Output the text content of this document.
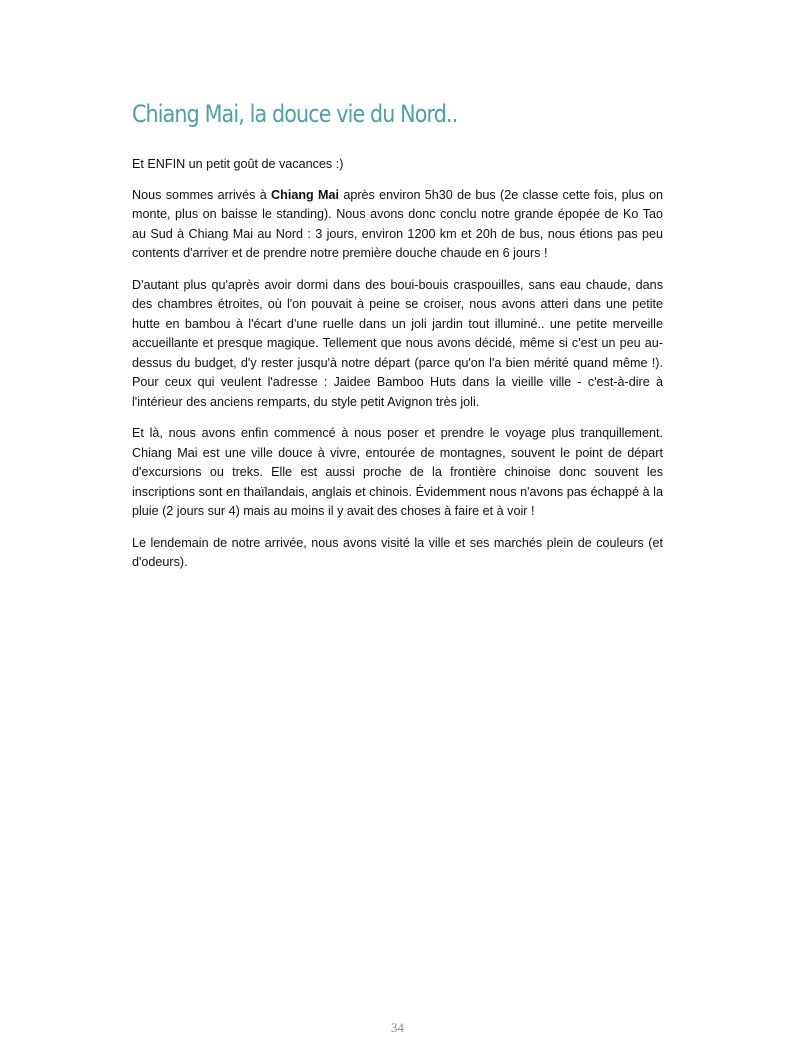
Chiang Mai, la douce vie du Nord..

Et ENFIN un petit goût de vacances :)

Nous sommes arrivés à Chiang Mai après environ 5h30 de bus (2e classe cette fois, plus on monte, plus on baisse le standing). Nous avons donc conclu notre grande épopée de Ko Tao au Sud à Chiang Mai au Nord : 3 jours, environ 1200 km et 20h de bus, nous étions pas peu contents d'arriver et de prendre notre première douche chaude en 6 jours !

D'autant plus qu'après avoir dormi dans des boui-bouis craspouilles, sans eau chaude, dans des chambres étroites, où l'on pouvait à peine se croiser, nous avons atteri dans une petite hutte en bambou à l'écart d'une ruelle dans un joli jardin tout illuminé.. une petite merveille accueillante et presque magique. Tellement que nous avons décidé, même si c'est un peu au-dessus du budget, d'y rester jusqu'à notre départ (parce qu'on l'a bien mérité quand même !). Pour ceux qui veulent l'adresse : Jaidee Bamboo Huts dans la vieille ville - c'est-à-dire à l'intérieur des anciens remparts, du style petit Avignon très joli.

Et là, nous avons enfin commencé à nous poser et prendre le voyage plus tranquillement. Chiang Mai est une ville douce à vivre, entourée de montagnes, souvent le point de départ d'excursions ou treks. Elle est aussi proche de la frontière chinoise donc souvent les inscriptions sont en thaïlandais, anglais et chinois. Évidemment nous n'avons pas échappé à la pluie (2 jours sur 4) mais au moins il y avait des choses à faire et à voir !

Le lendemain de notre arrivée, nous avons visité la ville et ses marchés plein de couleurs (et d'odeurs).

34
